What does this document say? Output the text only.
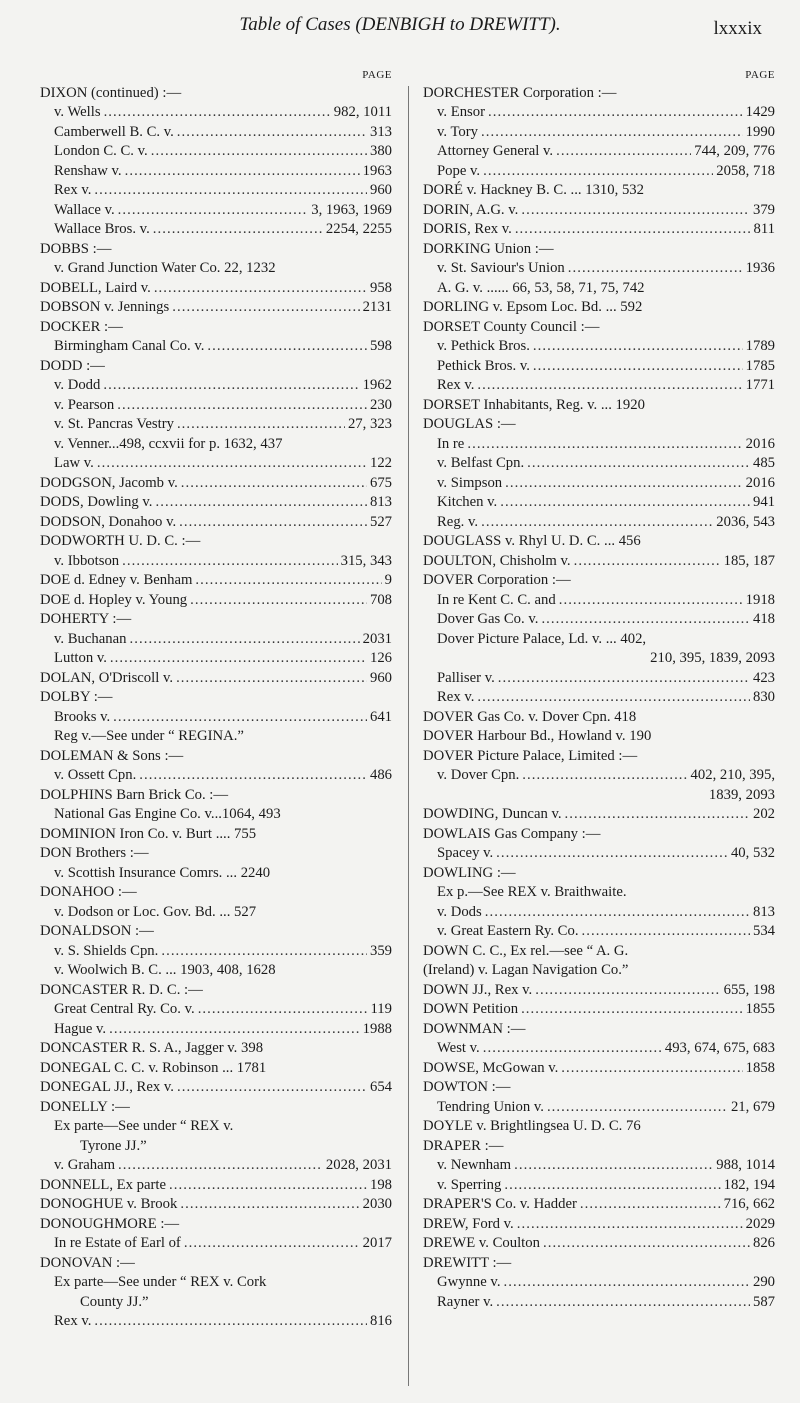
Table of Cases (DENBIGH to DREWITT).	lxxxix
PAGE
DIXON (continued) :—
v. Wells . . .	982, 1011
Camberwell B. C. v. . . .	313
London C. C. v. . . .	380
Renshaw v. . . .	1963
Rex v. . . .	960
Wallace v. . . .	3, 1963, 1969
Wallace Bros. v. . . .	2254, 2255
DOBBS :—
v. Grand Junction Water Co. 22, 1232
DOBELL, Laird v. . . .	958
DOBSON v. Jennings . . .	2131
DOCKER :—
Birmingham Canal Co. v. . . .	598
DODD :—
v. Dodd . . .	1962
v. Pearson . . .	230
v. St. Pancras Vestry . . .	27, 323
v. Venner...498, ccxvii for p. 1632, 437
Law v. . . .	122
DODGSON, Jacomb v. . . .	675
DODS, Dowling v. . . .	813
DODSON, Donahoo v. . . .	527
DODWORTH U. D. C. :—
v. Ibbotson . . .	315, 343
DOE d. Edney v. Benham . . .	9
DOE d. Hopley v. Young . . .	708
DOHERTY :—
v. Buchanan . . .	2031
Lutton v. . . .	126
DOLAN, O'Driscoll v. . . .	960
DOLBY :—
Brooks v. . . .	641
Reg v.—See under “ REGINA.”
DOLEMAN & Sons :—
v. Ossett Cpn. . . .	486
DOLPHINS Barn Brick Co. :—
National Gas Engine Co. v...1064, 493
DOMINION Iron Co. v. Burt .... 755
DON Brothers :—
v. Scottish Insurance Comrs. ... 2240
DONAHOO :—
v. Dodson or Loc. Gov. Bd. ... 527
DONALDSON :—
v. S. Shields Cpn. . . .	359
v. Woolwich B. C. ... 1903, 408, 1628
DONCASTER R. D. C. :—
Great Central Ry. Co. v. . . .	119
Hague v. . . .	1988
DONCASTER R. S. A., Jagger v. 398
DONEGAL C. C. v. Robinson ... 1781
DONEGAL JJ., Rex v. . . .	654
DONELLY :—
Ex parte—See under “ REX v.
Tyrone JJ.”
v. Graham . . .	2028, 2031
DONNELL, Ex parte . . .	198
DONOGHUE v. Brook . . .	2030
DONOUGHMORE :—
In re Estate of Earl of . . .	2017
DONOVAN :—
Ex parte—See under “ REX v. Cork
County JJ.”
Rex v. . . .	816
PAGE
DORCHESTER Corporation :—
v. Ensor . . .	1429
v. Tory . . .	1990
Attorney General v. . . .	744, 209, 776
Pope v. . . .	2058, 718
DORÉ v. Hackney B. C. ... 1310, 532
DORIN, A.G. v. . . .	379
DORIS, Rex v. . . .	811
DORKING Union :—
v. St. Saviour's Union . . .	1936
A. G. v. ...... 66, 53, 58, 71, 75, 742
DORLING v. Epsom Loc. Bd. ... 592
DORSET County Council :—
v. Pethick Bros. . . .	1789
Pethick Bros. v. . . .	1785
Rex v. . . .	1771
DORSET Inhabitants, Reg. v. ... 1920
DOUGLAS :—
In re . . .	2016
v. Belfast Cpn. . . .	485
v. Simpson . . .	2016
Kitchen v. . . .	941
Reg. v. . . .	2036, 543
DOUGLASS v. Rhyl U. D. C. ... 456
DOULTON, Chisholm v. . . .	185, 187
DOVER Corporation :—
In re Kent C. C. and . . .	1918
Dover Gas Co. v. . . .	418
Dover Picture Palace, Ld. v. ... 402,
210, 395, 1839, 2093
Palliser v. . . .	423
Rex v. . . .	830
DOVER Gas Co. v. Dover Cpn. 418
DOVER Harbour Bd., Howland v. 190
DOVER Picture Palace, Limited :—
v. Dover Cpn. . . .	402, 210, 395,
1839, 2093
DOWDING, Duncan v. . . .	202
DOWLAIS Gas Company :—
Spacey v. . . .	40, 532
DOWLING :—
Ex p.—See REX v. Braithwaite.
v. Dods . . .	813
v. Great Eastern Ry. Co. . . .	534
DOWN C. C., Ex rel.—see “ A. G.
(Ireland) v. Lagan Navigation Co.”
DOWN JJ., Rex v. . . .	655, 198
DOWN Petition . . .	1855
DOWNMAN :—
West v. . . .	493, 674, 675, 683
DOWSE, McGowan v. . . .	1858
DOWTON :—
Tendring Union v. . . .	21, 679
DOYLE v. Brightlingsea U. D. C. 76
DRAPER :—
v. Newnham . . .	988, 1014
v. Sperring . . .	182, 194
DRAPER'S Co. v. Hadder . . .	716, 662
DREW, Ford v. . . .	2029
DREWE v. Coulton . . .	826
DREWITT :—
Gwynne v. . . .	290
Rayner v. . . .	587
